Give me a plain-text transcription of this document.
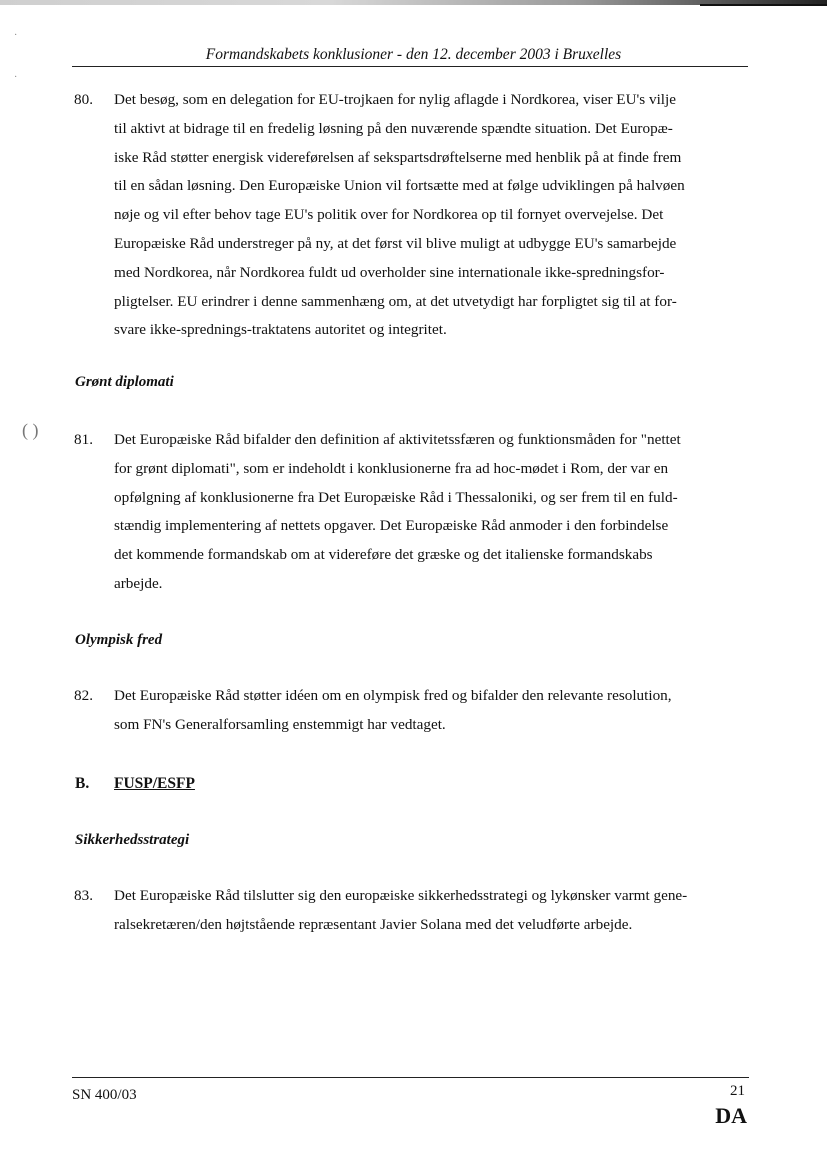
·
·
( )
Formandskabets konklusioner - den 12. december 2003 i Bruxelles
80.	Det besøg, som en delegation for EU-trojkaen for nylig aflagde i Nordkorea, viser EU's vilje
til aktivt at bidrage til en fredelig løsning på den nuværende spændte situation. Det Europæ-
iske Råd støtter energisk videreførelsen af sekspartsdrøftelserne med henblik på at finde frem
til en sådan løsning. Den Europæiske Union vil fortsætte med at følge udviklingen på halvøen
nøje og vil efter behov tage EU's politik over for Nordkorea op til fornyet overvejelse. Det
Europæiske Råd understreger på ny, at det først vil blive muligt at udbygge EU's samarbejde
med Nordkorea, når Nordkorea fuldt ud overholder sine internationale ikke-spredningsfor-
pligtelser. EU erindrer i denne sammenhæng om, at det utvetydigt har forpligtet sig til at for-
svare ikke-sprednings-traktatens autoritet og integritet.
Grønt diplomati
81.	Det Europæiske Råd bifalder den definition af aktivitetssfæren og funktionsmåden for "nettet
for grønt diplomati", som er indeholdt i konklusionerne fra ad hoc-mødet i Rom, der var en
opfølgning af konklusionerne fra Det Europæiske Råd i Thessaloniki, og ser frem til en fuld-
stændig implementering af nettets opgaver. Det Europæiske Råd anmoder i den forbindelse
det kommende formandskab om at videreføre det græske og det italienske formandskabs
arbejde.
Olympisk fred
82.	Det Europæiske Råd støtter idéen om en olympisk fred og bifalder den relevante resolution,
som FN's Generalforsamling enstemmigt har vedtaget.
B. FUSP/ESFP
Sikkerhedsstrategi
83.	Det Europæiske Råd tilslutter sig den europæiske sikkerhedsstrategi og lykønsker varmt gene-
ralsekretæren/den højtstående repræsentant Javier Solana med det veludførte arbejde.
SN 400/03	21
DA
